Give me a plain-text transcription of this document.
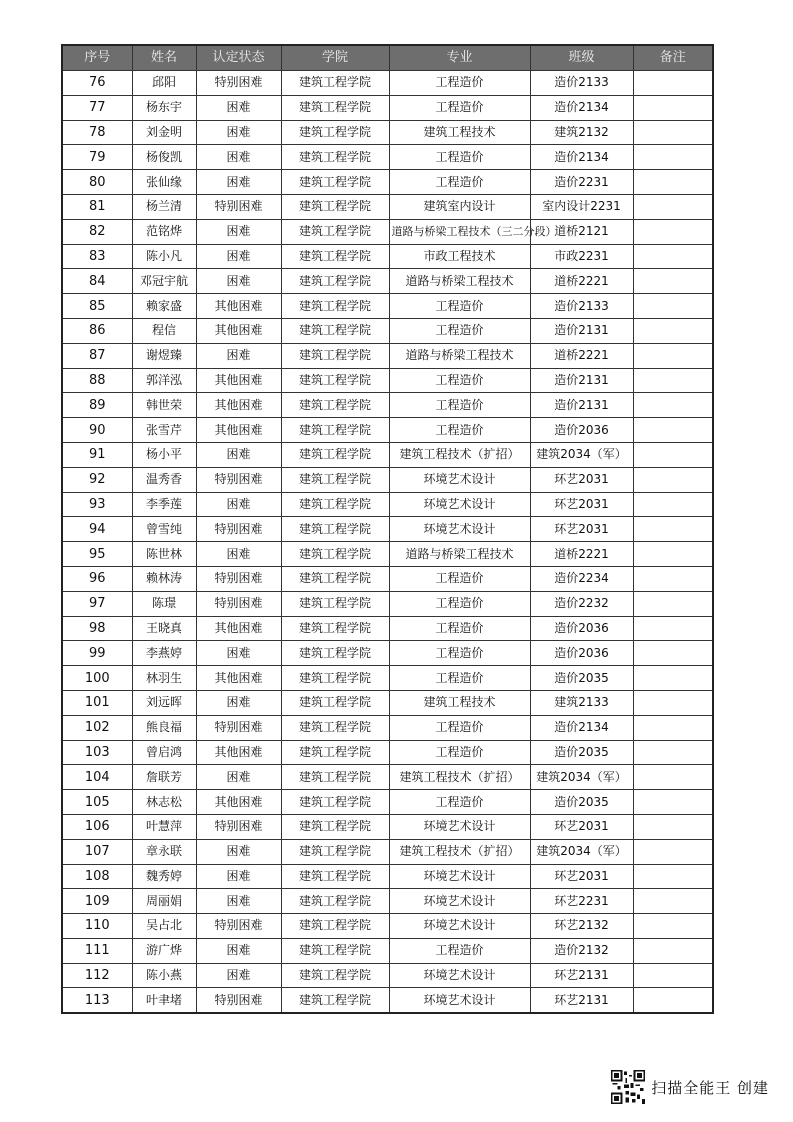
序号	姓名	认定状态	学院	专业	班级	备注
76	邱阳	特别困难	建筑工程学院	工程造价	造价2133	
77	杨东宇	困难	建筑工程学院	工程造价	造价2134	
78	刘金明	困难	建筑工程学院	建筑工程技术	建筑2132	
79	杨俊凯	困难	建筑工程学院	工程造价	造价2134	
80	张仙缘	困难	建筑工程学院	工程造价	造价2231	
81	杨兰清	特别困难	建筑工程学院	建筑室内设计	室内设计2231	
82	范铭烨	困难	建筑工程学院	道路与桥梁工程技术（三二分段）	道桥2121	
83	陈小凡	困难	建筑工程学院	市政工程技术	市政2231	
84	邓冠宇航	困难	建筑工程学院	道路与桥梁工程技术	道桥2221	
85	赖家盛	其他困难	建筑工程学院	工程造价	造价2133	
86	程信	其他困难	建筑工程学院	工程造价	造价2131	
87	谢煜臻	困难	建筑工程学院	道路与桥梁工程技术	道桥2221	
88	郭洋泓	其他困难	建筑工程学院	工程造价	造价2131	
89	韩世荣	其他困难	建筑工程学院	工程造价	造价2131	
90	张雪芹	其他困难	建筑工程学院	工程造价	造价2036	
91	杨小平	困难	建筑工程学院	建筑工程技术（扩招）	建筑2034（军）	
92	温秀香	特别困难	建筑工程学院	环境艺术设计	环艺2031	
93	李季莲	困难	建筑工程学院	环境艺术设计	环艺2031	
94	曾雪纯	特别困难	建筑工程学院	环境艺术设计	环艺2031	
95	陈世林	困难	建筑工程学院	道路与桥梁工程技术	道桥2221	
96	赖林涛	特别困难	建筑工程学院	工程造价	造价2234	
97	陈璟	特别困难	建筑工程学院	工程造价	造价2232	
98	王晓真	其他困难	建筑工程学院	工程造价	造价2036	
99	李燕婷	困难	建筑工程学院	工程造价	造价2036	
100	林羽生	其他困难	建筑工程学院	工程造价	造价2035	
101	刘远晖	困难	建筑工程学院	建筑工程技术	建筑2133	
102	熊良福	特别困难	建筑工程学院	工程造价	造价2134	
103	曾启鸿	其他困难	建筑工程学院	工程造价	造价2035	
104	詹联芳	困难	建筑工程学院	建筑工程技术（扩招）	建筑2034（军）	
105	林志松	其他困难	建筑工程学院	工程造价	造价2035	
106	叶慧萍	特别困难	建筑工程学院	环境艺术设计	环艺2031	
107	章永联	困难	建筑工程学院	建筑工程技术（扩招）	建筑2034（军）	
108	魏秀婷	困难	建筑工程学院	环境艺术设计	环艺2031	
109	周丽娟	困难	建筑工程学院	环境艺术设计	环艺2231	
110	吴占北	特别困难	建筑工程学院	环境艺术设计	环艺2132	
111	游广烨	困难	建筑工程学院	工程造价	造价2132	
112	陈小燕	困难	建筑工程学院	环境艺术设计	环艺2131	
113	叶聿堵	特别困难	建筑工程学院	环境艺术设计	环艺2131	
扫描全能王 创建
